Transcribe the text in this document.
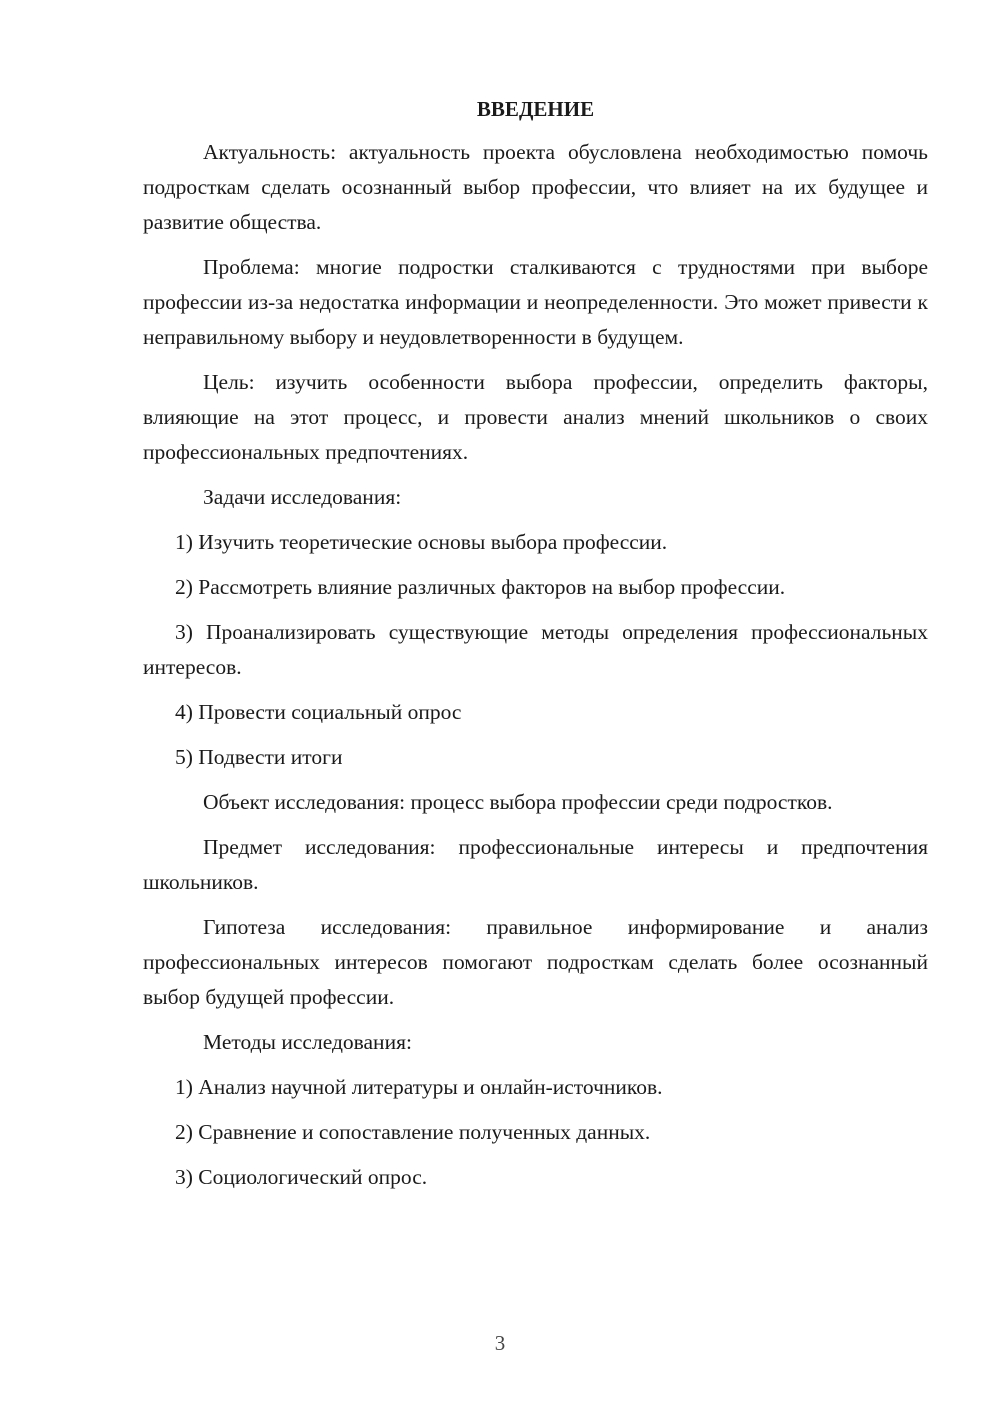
ВВЕДЕНИЕ

Актуальность: актуальность проекта обусловлена необходимостью помочь подросткам сделать осознанный выбор профессии, что влияет на их будущее и развитие общества.

Проблема: многие подростки сталкиваются с трудностями при выборе профессии из-за недостатка информации и неопределенности. Это может привести к неправильному выбору и неудовлетворенности в будущем.

Цель: изучить особенности выбора профессии, определить факторы, влияющие на этот процесс, и провести анализ мнений школьников о своих профессиональных предпочтениях.

Задачи исследования:

1) Изучить теоретические основы выбора профессии.

2) Рассмотреть влияние различных факторов на выбор профессии.

3) Проанализировать существующие методы определения профессиональных интересов.

4) Провести социальный опрос

5) Подвести итоги

Объект исследования: процесс выбора профессии среди подростков.

Предмет исследования: профессиональные интересы и предпочтения школьников.

Гипотеза исследования: правильное информирование и анализ профессиональных интересов помогают подросткам сделать более осознанный выбор будущей профессии.

Методы исследования:

1) Анализ научной литературы и онлайн-источников.

2) Сравнение и сопоставление полученных данных.

3) Социологический опрос.

3
